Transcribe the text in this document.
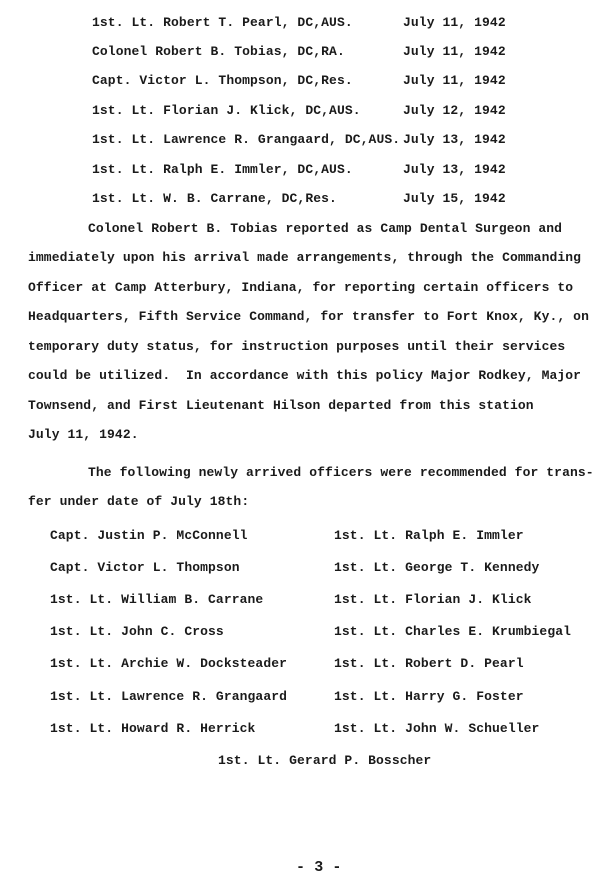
1st. Lt. Robert T. Pearl, DC,AUS.	July 11, 1942
Colonel Robert B. Tobias, DC,RA.	July 11, 1942
Capt. Victor L. Thompson, DC,Res.	July 11, 1942
1st. Lt. Florian J. Klick, DC,AUS.	July 12, 1942
1st. Lt. Lawrence R. Grangaard, DC,AUS. July 13, 1942
1st. Lt. Ralph E. Immler, DC,AUS.	July 13, 1942
1st. Lt. W. B. Carrane, DC,Res.	July 15, 1942
Colonel Robert B. Tobias reported as Camp Dental Surgeon and
immediately upon his arrival made arrangements, through the Commanding
Officer at Camp Atterbury, Indiana, for reporting certain officers to
Headquarters, Fifth Service Command, for transfer to Fort Knox, Ky., on
temporary duty status, for instruction purposes until their services
could be utilized.  In accordance with this policy Major Rodkey, Major
Townsend, and First Lieutenant Hilson departed from this station
July 11, 1942.
The following newly arrived officers were recommended for trans-
fer under date of July 18th:
Capt. Justin P. McConnell	1st. Lt. Ralph E. Immler
Capt. Victor L. Thompson	1st. Lt. George T. Kennedy
1st. Lt. William B. Carrane	1st. Lt. Florian J. Klick
1st. Lt. John C. Cross	1st. Lt. Charles E. Krumbiegal
1st. Lt. Archie W. Docksteader	1st. Lt. Robert D. Pearl
1st. Lt. Lawrence R. Grangaard	1st. Lt. Harry G. Foster
1st. Lt. Howard R. Herrick	1st. Lt. John W. Schueller
1st. Lt. Gerard P. Bosscher
- 3 -
